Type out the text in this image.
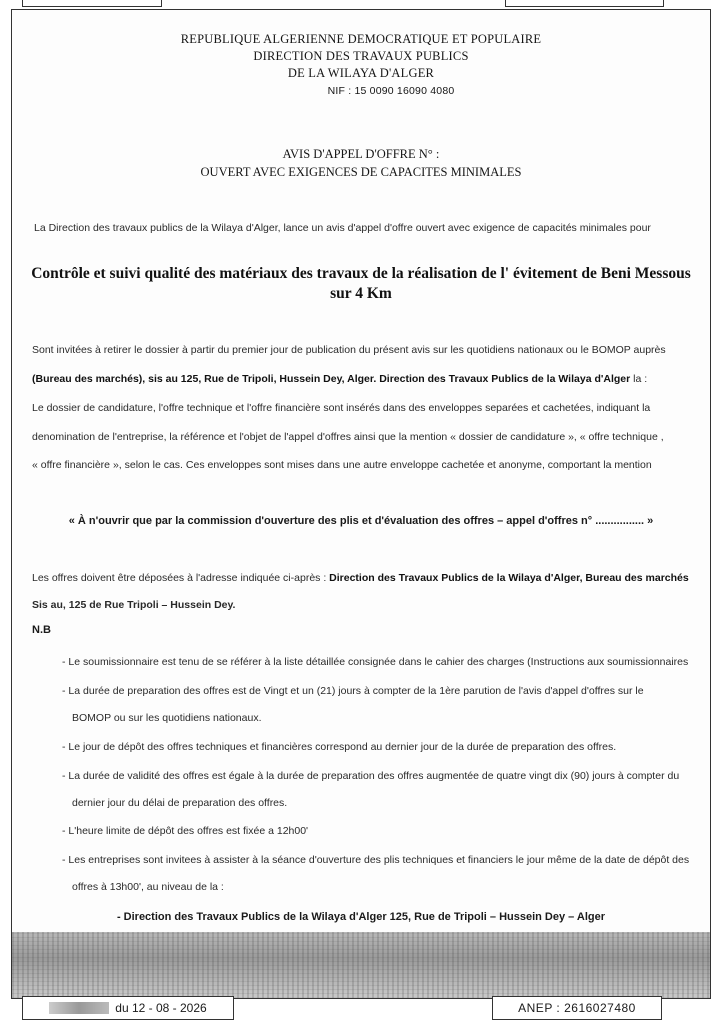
REPUBLIQUE ALGERIENNE DEMOCRATIQUE ET POPULAIRE
DIRECTION DES TRAVAUX PUBLICS
DE LA WILAYA D'ALGER
NIF : 15 0090 16090 4080
AVIS D'APPEL D'OFFRE N° :
OUVERT AVEC EXIGENCES DE CAPACITES MINIMALES
La Direction des travaux publics de la Wilaya d'Alger, lance un avis d'appel d'offre ouvert avec exigence de capacités minimales pour
Contrôle et suivi qualité des matériaux des travaux de la réalisation de l' évitement de Beni Messous
sur 4 Km
Sont invitées à retirer le dossier à partir du premier jour de publication du présent avis sur les quotidiens nationaux ou le BOMOP auprès
(Bureau des marchés), sis au 125, Rue de Tripoli, Hussein Dey, Alger. Direction des Travaux Publics de la Wilaya d'Alger la :
Le dossier de candidature, l'offre technique et l'offre financière sont insérés dans des enveloppes separées et cachetées, indiquant la
denomination de l'entreprise, la référence et l'objet de l'appel d'offres ainsi que la mention « dossier de candidature », « offre technique ,
« offre financière », selon le cas. Ces enveloppes sont mises dans une autre enveloppe cachetée et anonyme, comportant la mention
« À n'ouvrir que par la commission d'ouverture des plis et d'évaluation des offres – appel d'offres n° ................ »
Les offres doivent être déposées à l'adresse indiquée ci-après : Direction des Travaux Publics de la Wilaya d'Alger, Bureau des marchés
Sis au, 125 de Rue Tripoli – Hussein Dey.
N.B
- Le soumissionnaire est tenu de se référer à la liste détaillée consignée dans le cahier des charges (Instructions aux soumissionnaires
- La durée de preparation des offres est de Vingt et un (21) jours à compter de la 1ère parution de l'avis d'appel d'offres sur le
BOMOP ou sur les quotidiens nationaux.
- Le jour de dépôt des offres techniques et financières correspond au dernier jour de la durée de preparation des offres.
- La durée de validité des offres est égale à la durée de preparation des offres augmentée de quatre vingt dix (90) jours à compter du
dernier jour du délai de preparation des offres.
- L'heure limite de dépôt des offres est fixée a 12h00'
- Les entreprises sont invitees à assister à la séance d'ouverture des plis techniques et financiers le jour même de la date de dépôt des
offres à 13h00', au niveau de la :
- Direction des Travaux Publics de la Wilaya d'Alger 125, Rue de Tripoli – Hussein Dey – Alger
du 12 - 08 - 2026	ANEP : 2616027480
